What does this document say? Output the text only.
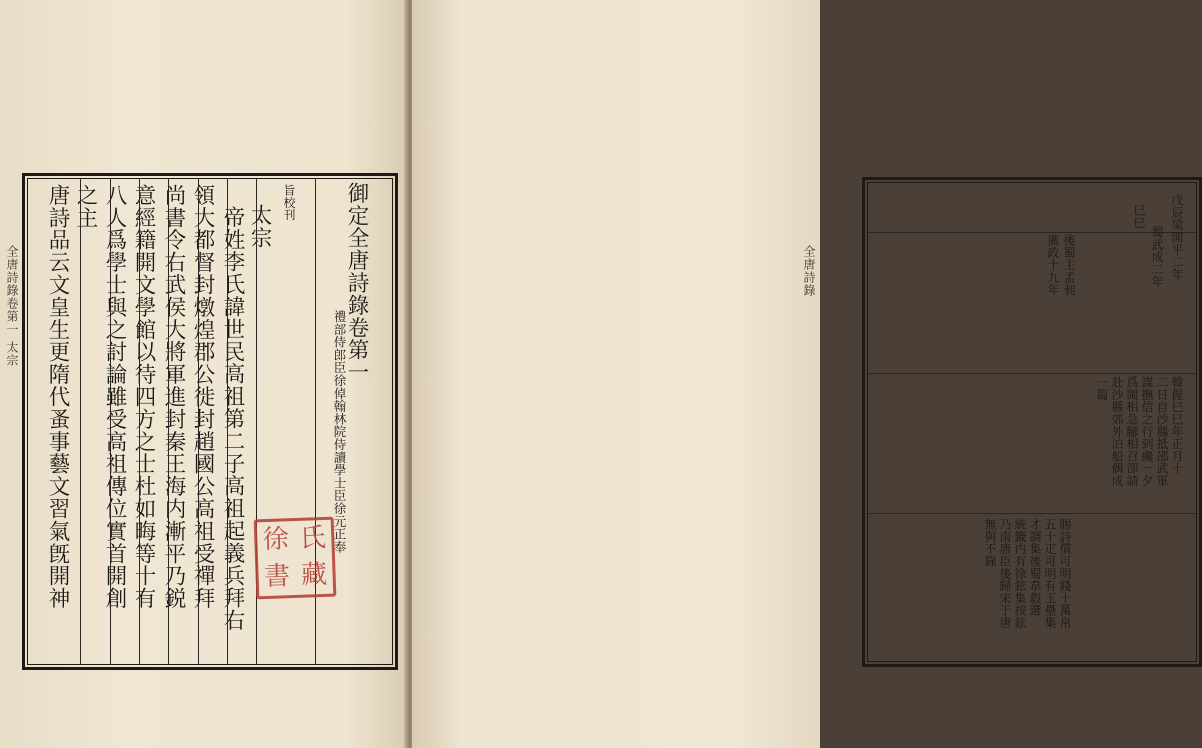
御定全唐詩錄卷第一
禮部侍郎臣徐倬翰林院侍讀學士臣徐元正奉
旨校刊
太宗
帝姓李氏諱世民高祖第二子高祖起義兵拜右
領大都督封燉煌郡公徙封趙國公高祖受禪拜
尚書令右武侯大將軍進封秦王海内漸平乃鋭
意經籍開文學館以待四方之士杜如晦等十有
八人爲學士與之討論雖受高祖傳位實首開創
之主
唐詩品云文皇生更隋代蚤事藝文習氣旣開神	徐 氏
書 藏
全唐詩錄卷第一 太宗
戊辰梁開平二年
蜀武成二年
巳巳
後蜀主孟昶
廣政十九年
韓偓巳巳年正月十
二日自沙縣抵邵武軍
謀撫信之行到纔一夕
爲閩相急腳相召卻請
赴沙縣郊外泊船偶成
一篇
賜詩償可明錢十萬帛
五十疋可明有玉壘集
才調集後蜀韋縠選
統籤内有徐鉉集按鉉
乃南唐臣後歸宋于唐
無與不錄
全唐詩錄
